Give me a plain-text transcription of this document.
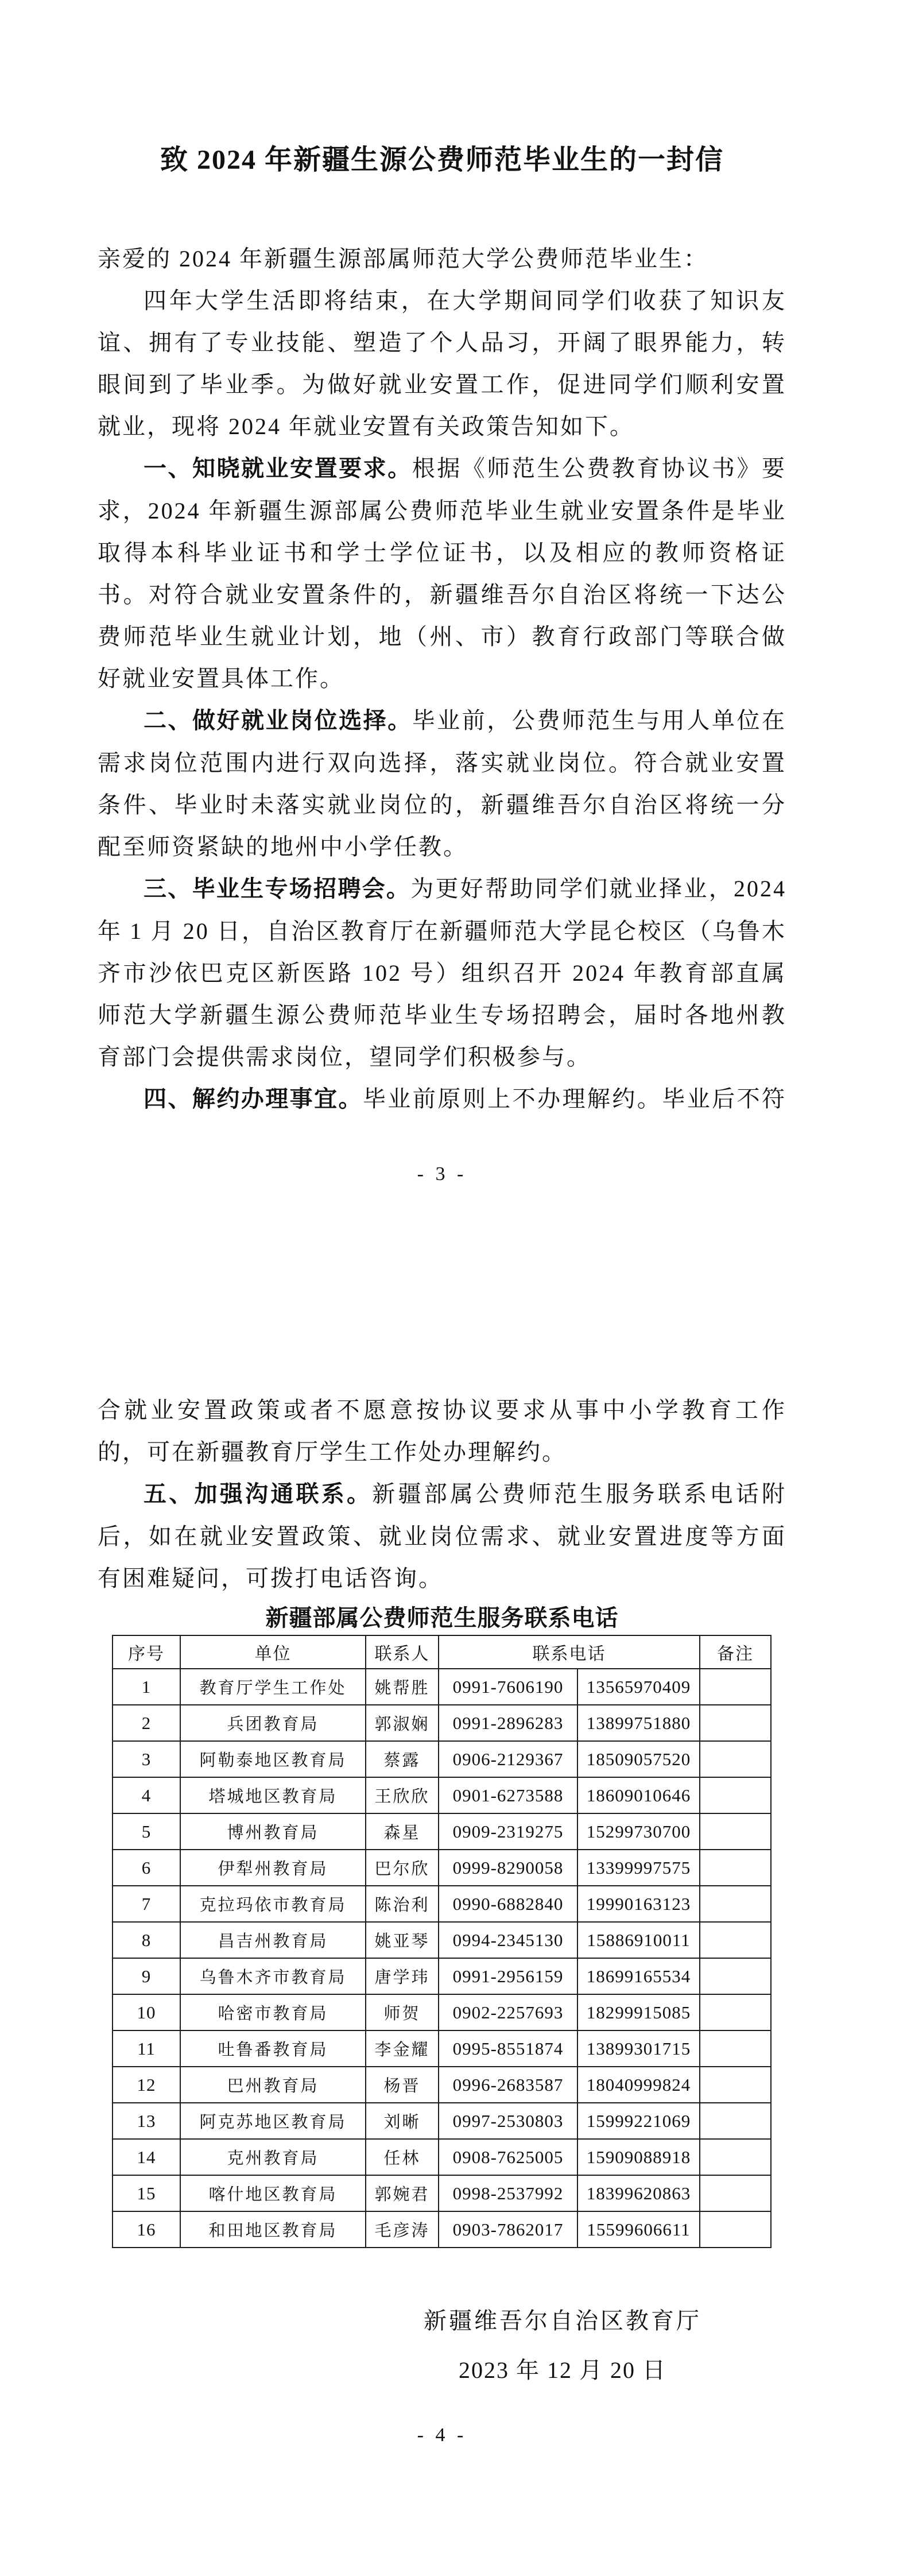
致 2024 年新疆生源公费师范毕业生的一封信

亲爱的 2024 年新疆生源部属师范大学公费师范毕业生：

四年大学生活即将结束，在大学期间同学们收获了知识友谊、拥有了专业技能、塑造了个人品习，开阔了眼界能力，转眼间到了毕业季。为做好就业安置工作，促进同学们顺利安置就业，现将 2024 年就业安置有关政策告知如下。

一、知晓就业安置要求。根据《师范生公费教育协议书》要求，2024 年新疆生源部属公费师范毕业生就业安置条件是毕业取得本科毕业证书和学士学位证书，以及相应的教师资格证书。对符合就业安置条件的，新疆维吾尔自治区将统一下达公费师范毕业生就业计划，地（州、市）教育行政部门等联合做好就业安置具体工作。

二、做好就业岗位选择。毕业前，公费师范生与用人单位在需求岗位范围内进行双向选择，落实就业岗位。符合就业安置条件、毕业时未落实就业岗位的，新疆维吾尔自治区将统一分配至师资紧缺的地州中小学任教。

三、毕业生专场招聘会。为更好帮助同学们就业择业，2024 年 1 月 20 日，自治区教育厅在新疆师范大学昆仑校区（乌鲁木齐市沙依巴克区新医路 102 号）组织召开 2024 年教育部直属师范大学新疆生源公费师范毕业生专场招聘会，届时各地州教育部门会提供需求岗位，望同学们积极参与。

四、解约办理事宜。毕业前原则上不办理解约。毕业后不符

- 3 -

合就业安置政策或者不愿意按协议要求从事中小学教育工作的，可在新疆教育厅学生工作处办理解约。

五、加强沟通联系。新疆部属公费师范生服务联系电话附后，如在就业安置政策、就业岗位需求、就业安置进度等方面有困难疑问，可拨打电话咨询。

新疆部属公费师范生服务联系电话

序号	单位	联系人	联系电话		备注
1	教育厅学生工作处	姚帮胜	0991-7606190	13565970409	
2	兵团教育局	郭淑娴	0991-2896283	13899751880	
3	阿勒泰地区教育局	蔡露	0906-2129367	18509057520	
4	塔城地区教育局	王欣欣	0901-6273588	18609010646	
5	博州教育局	森星	0909-2319275	15299730700	
6	伊犁州教育局	巴尔欣	0999-8290058	13399997575	
7	克拉玛依市教育局	陈治利	0990-6882840	19990163123	
8	昌吉州教育局	姚亚琴	0994-2345130	15886910011	
9	乌鲁木齐市教育局	唐学玮	0991-2956159	18699165534	
10	哈密市教育局	师贺	0902-2257693	18299915085	
11	吐鲁番教育局	李金耀	0995-8551874	13899301715	
12	巴州教育局	杨晋	0996-2683587	18040999824	
13	阿克苏地区教育局	刘晰	0997-2530803	15999221069	
14	克州教育局	任林	0908-7625005	15909088918	
15	喀什地区教育局	郭婉君	0998-2537992	18399620863	
16	和田地区教育局	毛彦涛	0903-7862017	15599606611	

新疆维吾尔自治区教育厅

2023 年 12 月 20 日

- 4 -
